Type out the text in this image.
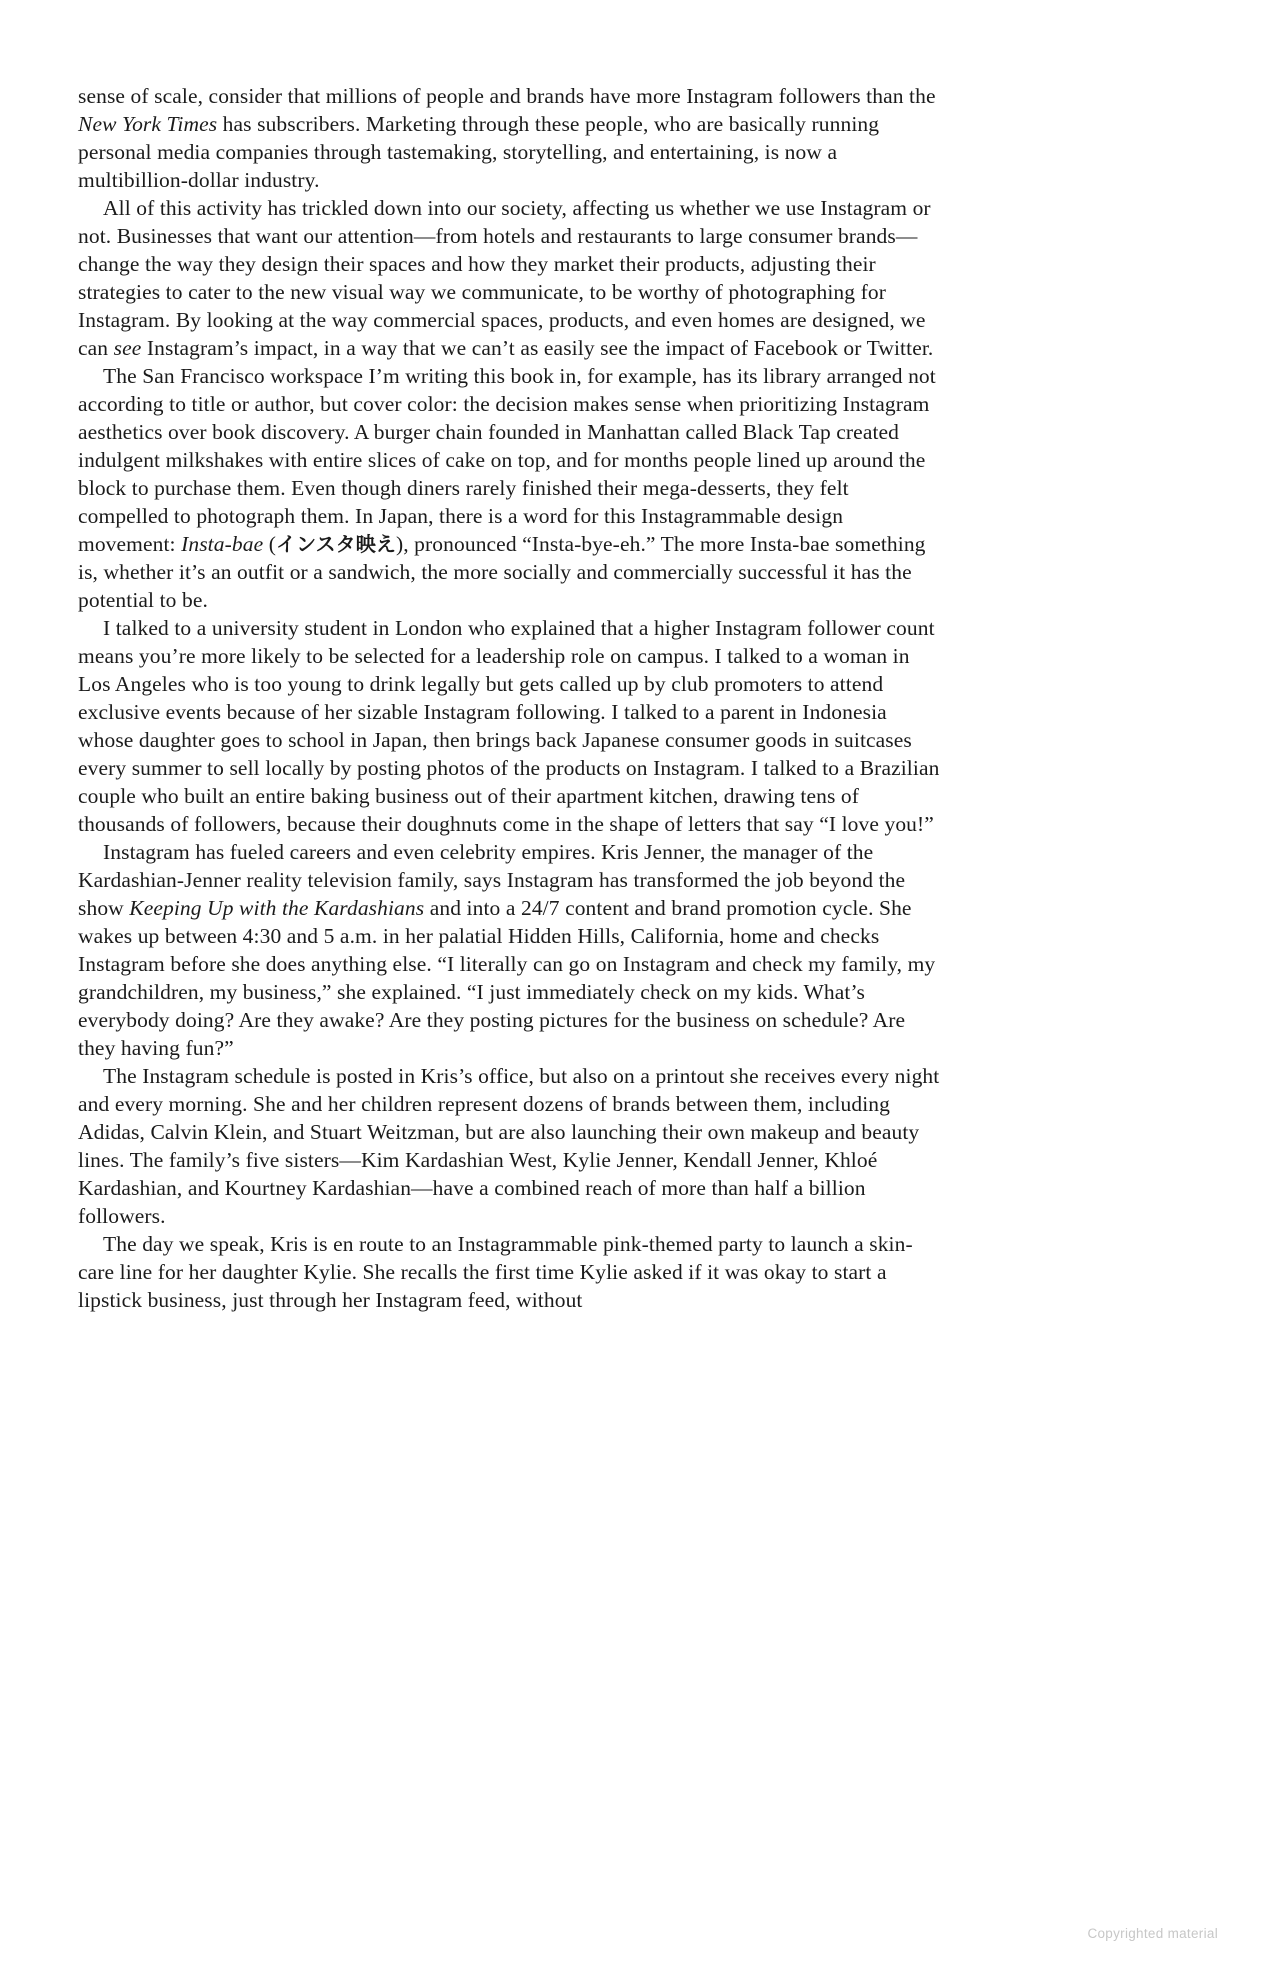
sense of scale, consider that millions of people and brands have more Instagram followers than the New York Times has subscribers. Marketing through these people, who are basically running personal media companies through tastemaking, storytelling, and entertaining, is now a multibillion-dollar industry.

All of this activity has trickled down into our society, affecting us whether we use Instagram or not. Businesses that want our attention—from hotels and restaurants to large consumer brands—change the way they design their spaces and how they market their products, adjusting their strategies to cater to the new visual way we communicate, to be worthy of photographing for Instagram. By looking at the way commercial spaces, products, and even homes are designed, we can see Instagram’s impact, in a way that we can’t as easily see the impact of Facebook or Twitter.

The San Francisco workspace I’m writing this book in, for example, has its library arranged not according to title or author, but cover color: the decision makes sense when prioritizing Instagram aesthetics over book discovery. A burger chain founded in Manhattan called Black Tap created indulgent milkshakes with entire slices of cake on top, and for months people lined up around the block to purchase them. Even though diners rarely finished their mega-desserts, they felt compelled to photograph them. In Japan, there is a word for this Instagrammable design movement: Insta-bae (インスタ映え), pronounced “Insta-bye-eh.” The more Insta-bae something is, whether it’s an outfit or a sandwich, the more socially and commercially successful it has the potential to be.

I talked to a university student in London who explained that a higher Instagram follower count means you’re more likely to be selected for a leadership role on campus. I talked to a woman in Los Angeles who is too young to drink legally but gets called up by club promoters to attend exclusive events because of her sizable Instagram following. I talked to a parent in Indonesia whose daughter goes to school in Japan, then brings back Japanese consumer goods in suitcases every summer to sell locally by posting photos of the products on Instagram. I talked to a Brazilian couple who built an entire baking business out of their apartment kitchen, drawing tens of thousands of followers, because their doughnuts come in the shape of letters that say “I love you!”

Instagram has fueled careers and even celebrity empires. Kris Jenner, the manager of the Kardashian-Jenner reality television family, says Instagram has transformed the job beyond the show Keeping Up with the Kardashians and into a 24/7 content and brand promotion cycle. She wakes up between 4:30 and 5 a.m. in her palatial Hidden Hills, California, home and checks Instagram before she does anything else. “I literally can go on Instagram and check my family, my grandchildren, my business,” she explained. “I just immediately check on my kids. What’s everybody doing? Are they awake? Are they posting pictures for the business on schedule? Are they having fun?”

The Instagram schedule is posted in Kris’s office, but also on a printout she receives every night and every morning. She and her children represent dozens of brands between them, including Adidas, Calvin Klein, and Stuart Weitzman, but are also launching their own makeup and beauty lines. The family’s five sisters—Kim Kardashian West, Kylie Jenner, Kendall Jenner, Khloé Kardashian, and Kourtney Kardashian—have a combined reach of more than half a billion followers.

The day we speak, Kris is en route to an Instagrammable pink-themed party to launch a skin-care line for her daughter Kylie. She recalls the first time Kylie asked if it was okay to start a lipstick business, just through her Instagram feed, without

Copyrighted material
